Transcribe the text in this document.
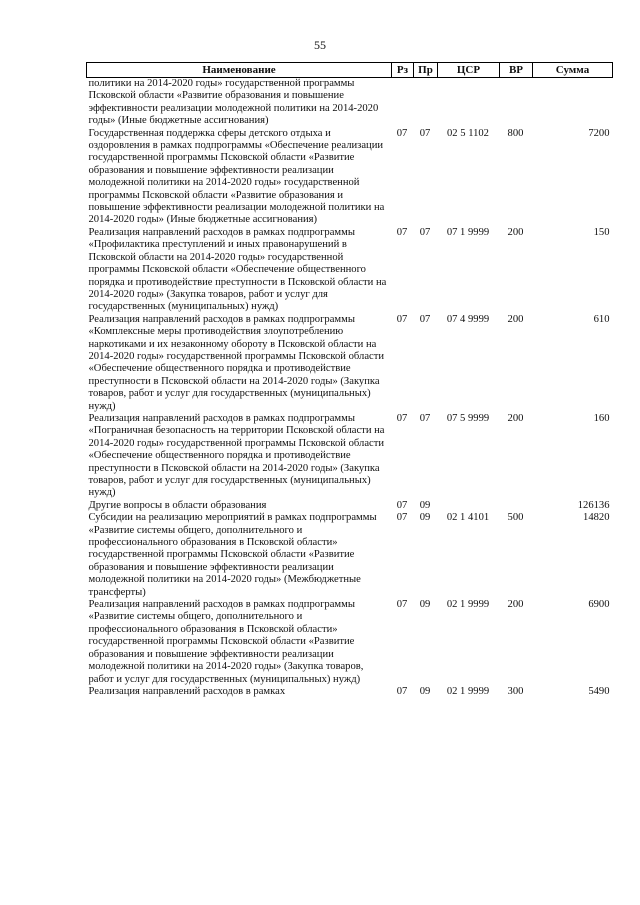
55
Наименование	Рз	Пр	ЦСР	ВР	Сумма
политики на 2014-2020 годы» государственной программы Псковской области «Развитие образования и повышение эффективности реализации молодежной политики на 2014-2020 годы» (Иные бюджетные ассигнования)					
Государственная поддержка сферы детского отдыха и оздоровления в рамках подпрограммы «Обеспечение реализации государственной программы Псковской области «Развитие образования и повышение эффективности реализации молодежной политики на 2014-2020 годы» государственной программы Псковской области «Развитие образования и повышение эффективности реализации молодежной политики на 2014-2020 годы» (Иные бюджетные ассигнования)	07	07	02 5 1102	800	7200
Реализация направлений расходов в рамках подпрограммы «Профилактика преступлений и иных правонарушений в Псковской области на 2014-2020 годы» государственной программы Псковской области «Обеспечение общественного порядка и противодействие преступности в Псковской области на 2014-2020 годы» (Закупка товаров, работ и услуг для государственных (муниципальных) нужд)	07	07	07 1 9999	200	150
Реализация направлений расходов в рамках подпрограммы «Комплексные меры противодействия злоупотреблению наркотиками и их незаконному обороту в Псковской области на 2014-2020 годы» государственной программы Псковской области «Обеспечение общественного порядка и противодействие преступности в Псковской области на 2014-2020 годы» (Закупка товаров, работ и услуг для государственных (муниципальных) нужд)	07	07	07 4 9999	200	610
Реализация направлений расходов в рамках подпрограммы «Пограничная безопасность на территории Псковской области на 2014-2020 годы» государственной программы Псковской области «Обеспечение общественного порядка и противодействие преступности в Псковской области на 2014-2020 годы» (Закупка товаров, работ и услуг для государственных (муниципальных) нужд)	07	07	07 5 9999	200	160
Другие вопросы в области образования	07	09			126136
Субсидии на реализацию мероприятий в рамках подпрограммы «Развитие системы общего, дополнительного и профессионального образования в Псковской области» государственной программы Псковской области «Развитие образования и повышение эффективности реализации молодежной политики на 2014-2020 годы» (Межбюджетные трансферты)	07	09	02 1 4101	500	14820
Реализация направлений расходов в рамках подпрограммы «Развитие системы общего, дополнительного и профессионального образования в Псковской области» государственной программы Псковской области «Развитие образования и повышение эффективности реализации молодежной политики на 2014-2020 годы» (Закупка товаров, работ и услуг для государственных (муниципальных) нужд)	07	09	02 1 9999	200	6900
Реализация направлений расходов в рамках	07	09	02 1 9999	300	5490
